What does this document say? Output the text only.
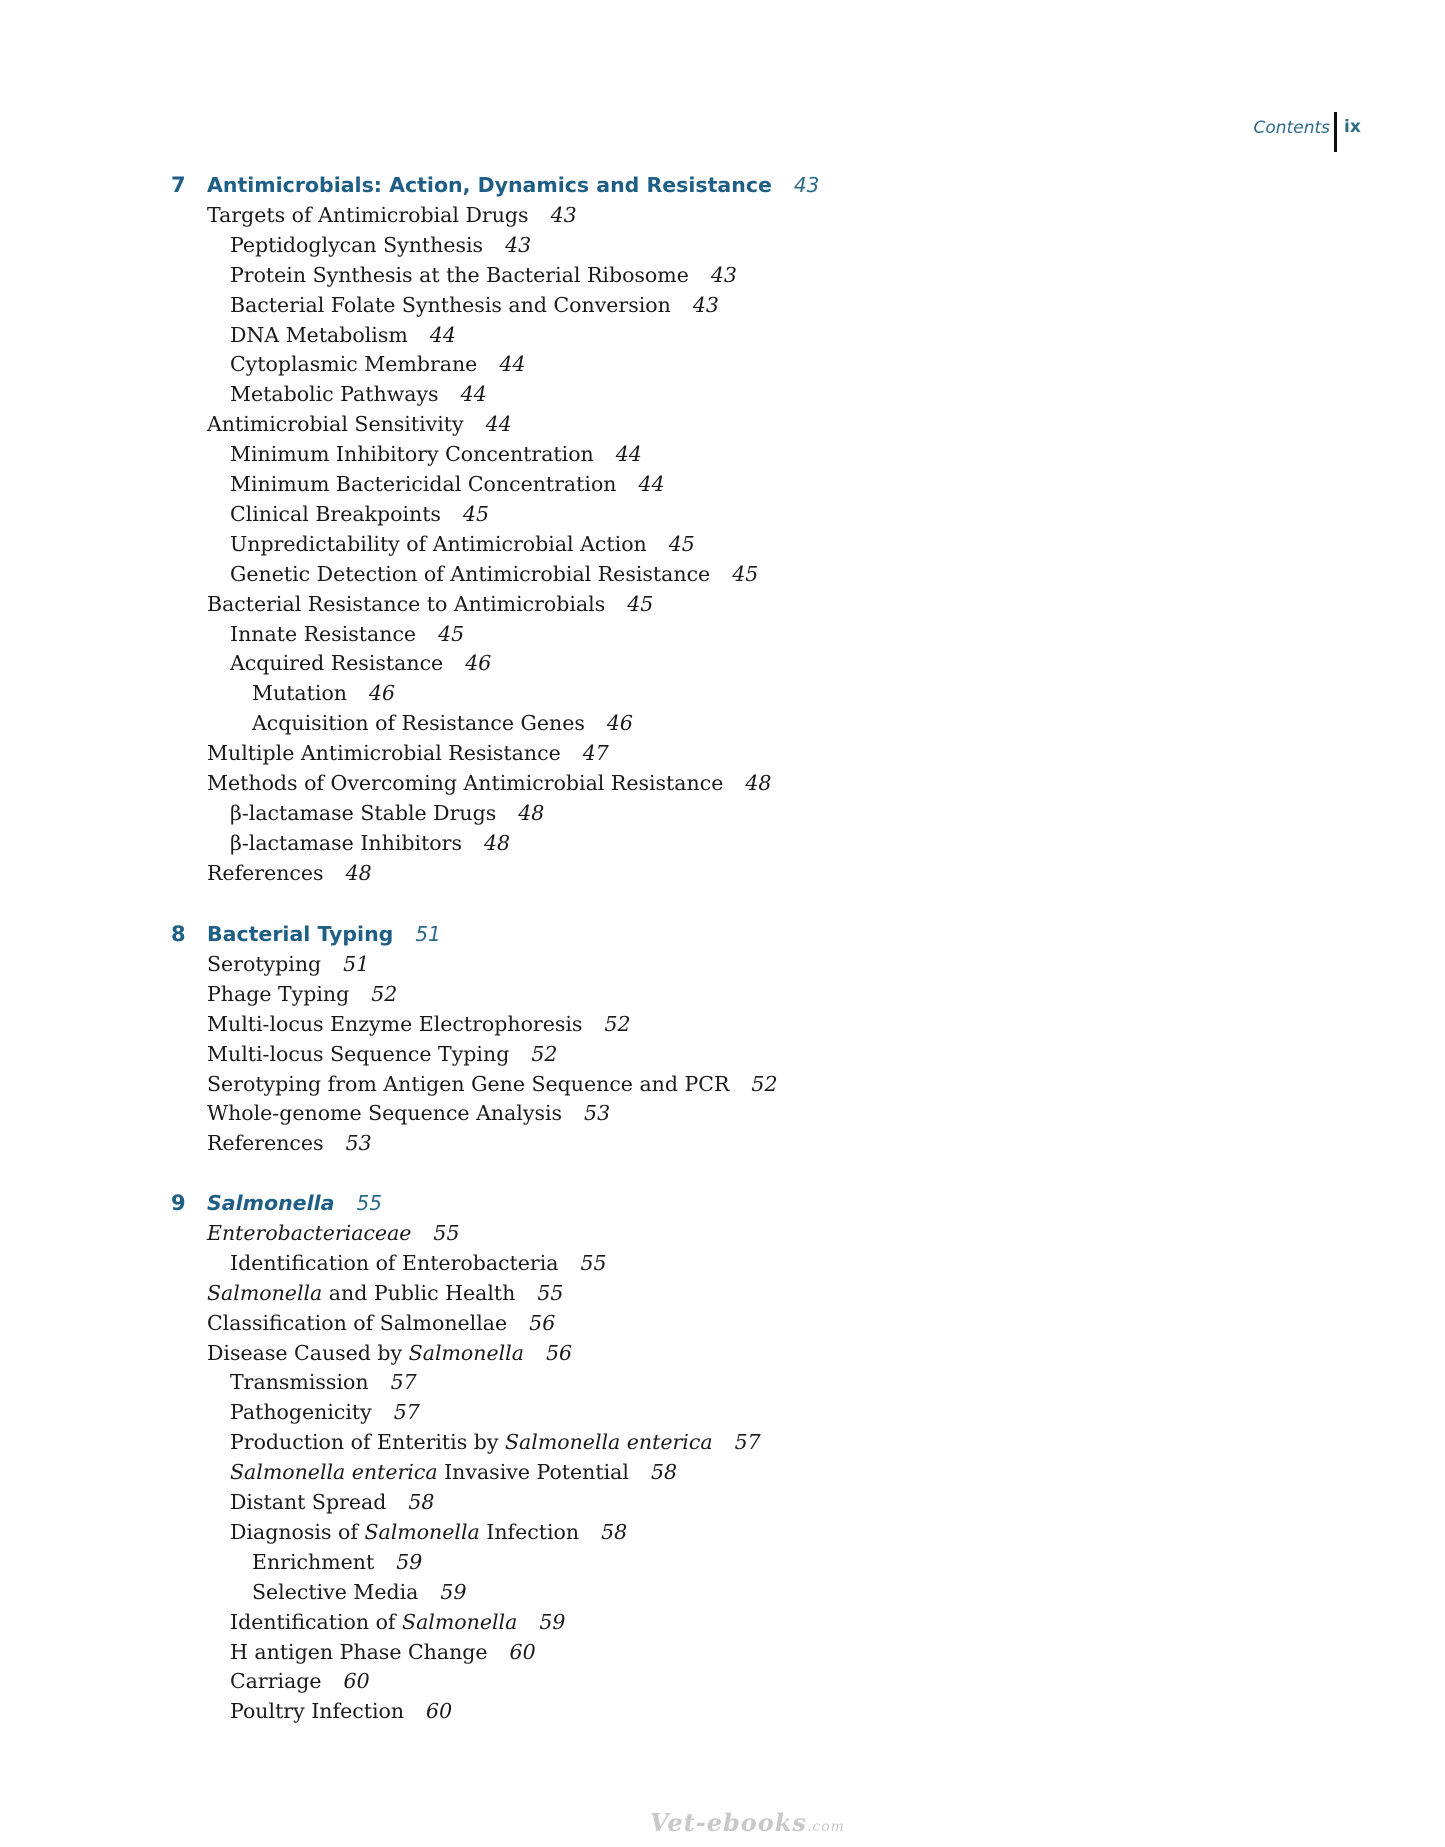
Contents ix
7 Antimicrobials: Action, Dynamics and Resistance 43
Targets of Antimicrobial Drugs 43
Peptidoglycan Synthesis 43
Protein Synthesis at the Bacterial Ribosome 43
Bacterial Folate Synthesis and Conversion 43
DNA Metabolism 44
Cytoplasmic Membrane 44
Metabolic Pathways 44
Antimicrobial Sensitivity 44
Minimum Inhibitory Concentration 44
Minimum Bactericidal Concentration 44
Clinical Breakpoints 45
Unpredictability of Antimicrobial Action 45
Genetic Detection of Antimicrobial Resistance 45
Bacterial Resistance to Antimicrobials 45
Innate Resistance 45
Acquired Resistance 46
Mutation 46
Acquisition of Resistance Genes 46
Multiple Antimicrobial Resistance 47
Methods of Overcoming Antimicrobial Resistance 48
β-lactamase Stable Drugs 48
β-lactamase Inhibitors 48
References 48
8 Bacterial Typing 51
Serotyping 51
Phage Typing 52
Multi-locus Enzyme Electrophoresis 52
Multi-locus Sequence Typing 52
Serotyping from Antigen Gene Sequence and PCR 52
Whole-genome Sequence Analysis 53
References 53
9 Salmonella 55
Enterobacteriaceae 55
Identification of Enterobacteria 55
Salmonella and Public Health 55
Classification of Salmonellae 56
Disease Caused by Salmonella 56
Transmission 57
Pathogenicity 57
Production of Enteritis by Salmonella enterica 57
Salmonella enterica Invasive Potential 58
Distant Spread 58
Diagnosis of Salmonella Infection 58
Enrichment 59
Selective Media 59
Identification of Salmonella 59
H antigen Phase Change 60
Carriage 60
Poultry Infection 60
Vet-ebooks.com
